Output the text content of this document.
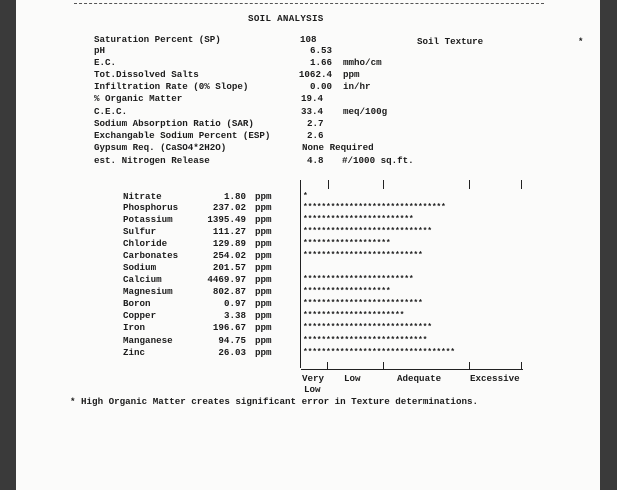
SOIL ANALYSIS
Soil Texture	*
Saturation Percent (SP)	108
pH	6.53
E.C.	1.66 mmho/cm
Tot.Dissolved Salts	1062.4 ppm
Infiltration Rate (0% Slope)	0.00 in/hr
% Organic Matter	19.4
C.E.C.	33.4 meq/100g
Sodium Absorption Ratio (SAR)	2.7
Exchangable Sodium Percent (ESP)	2.6
Gypsum Req. (CaSO4*2H2O)	None Required
est. Nitrogen Release	4.8 #/1000 sq.ft.
Nitrate	1.80 ppm	*
Phosphorus	237.02 ppm	*******************************
Potassium	1395.49 ppm	************************
Sulfur	111.27 ppm	****************************
Chloride	129.89 ppm	*******************
Carbonates	254.02 ppm	**************************
Sodium	201.57 ppm
Calcium	4469.97 ppm	************************
Magnesium	802.87 ppm	*******************
Boron	0.97 ppm	**************************
Copper	3.38 ppm	**********************
Iron	196.67 ppm	****************************
Manganese	94.75 ppm	***************************
Zinc	26.03 ppm	*********************************
Very
Low
Low	Adequate	Excessive
* High Organic Matter creates significant error in Texture determinations.
